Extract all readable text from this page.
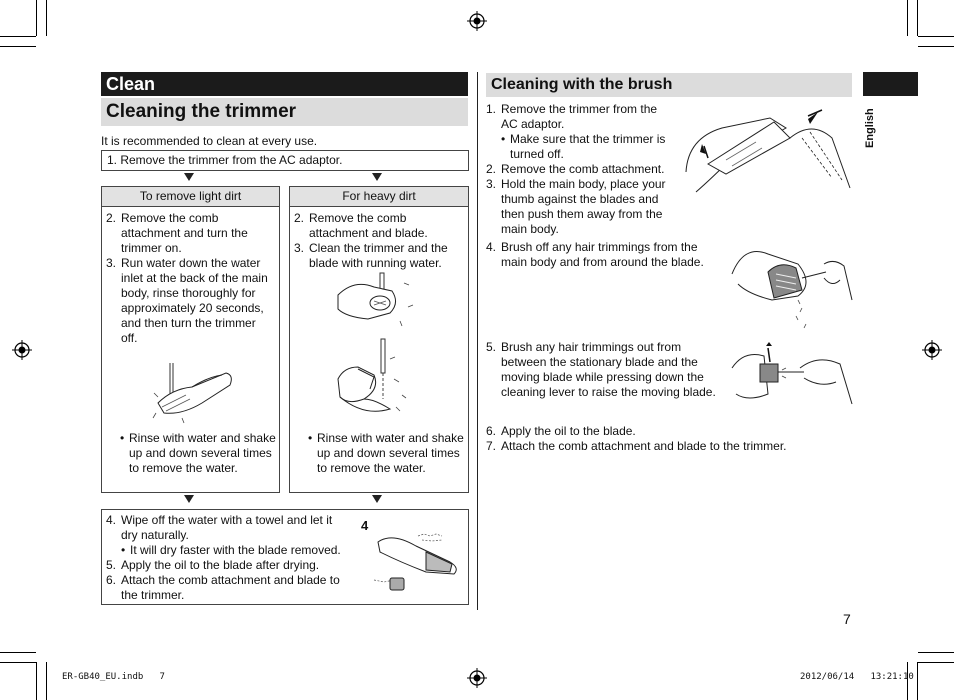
Clean
Cleaning the trimmer
It is recommended to clean at every use.
1. Remove the trimmer from the AC adaptor.
To remove light dirt
2. Remove the comb attachment and turn the trimmer on.
3. Run water down the water inlet at the back of the main body, rinse thoroughly for approximately 20 seconds, and then turn the trimmer off.
• Rinse with water and shake up and down several times to remove the water.
For heavy dirt
2. Remove the comb attachment and blade.
3. Clean the trimmer and the blade with running water.
• Rinse with water and shake up and down several times to remove the water.
4. Wipe off the water with a towel and let it dry naturally.
• It will dry faster with the blade removed.
5. Apply the oil to the blade after drying.
6. Attach the comb attachment and blade to the trimmer.
4
Cleaning with the brush
English
1. Remove the trimmer from the AC adaptor.
• Make sure that the trimmer is turned off.
2. Remove the comb attachment.
3. Hold the main body, place your thumb against the blades and then push them away from the main body.
4. Brush off any hair trimmings from the main body and from around the blade.
5. Brush any hair trimmings out from between the stationary blade and the moving blade while pressing down the cleaning lever to raise the moving blade.
6. Apply the oil to the blade.
7. Attach the comb attachment and blade to the trimmer.
7
ER-GB40_EU.indb   7	2012/06/14   13:21:10
